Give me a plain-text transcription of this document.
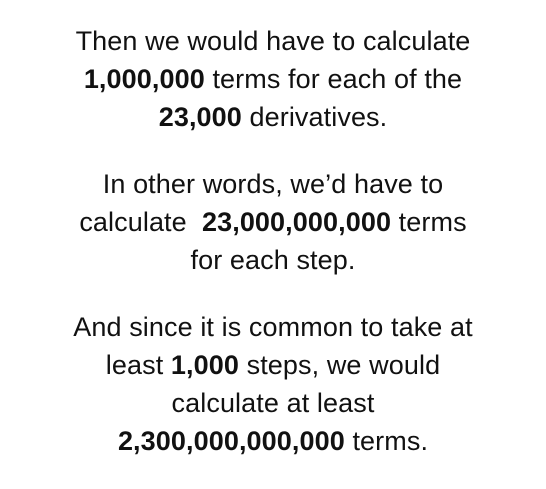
Then we would have to calculate
1,000,000 terms for each of the
23,000 derivatives.

In other words, we’d have to
calculate  23,000,000,000 terms
for each step.

And since it is common to take at
least 1,000 steps, we would
calculate at least
2,300,000,000,000 terms.
